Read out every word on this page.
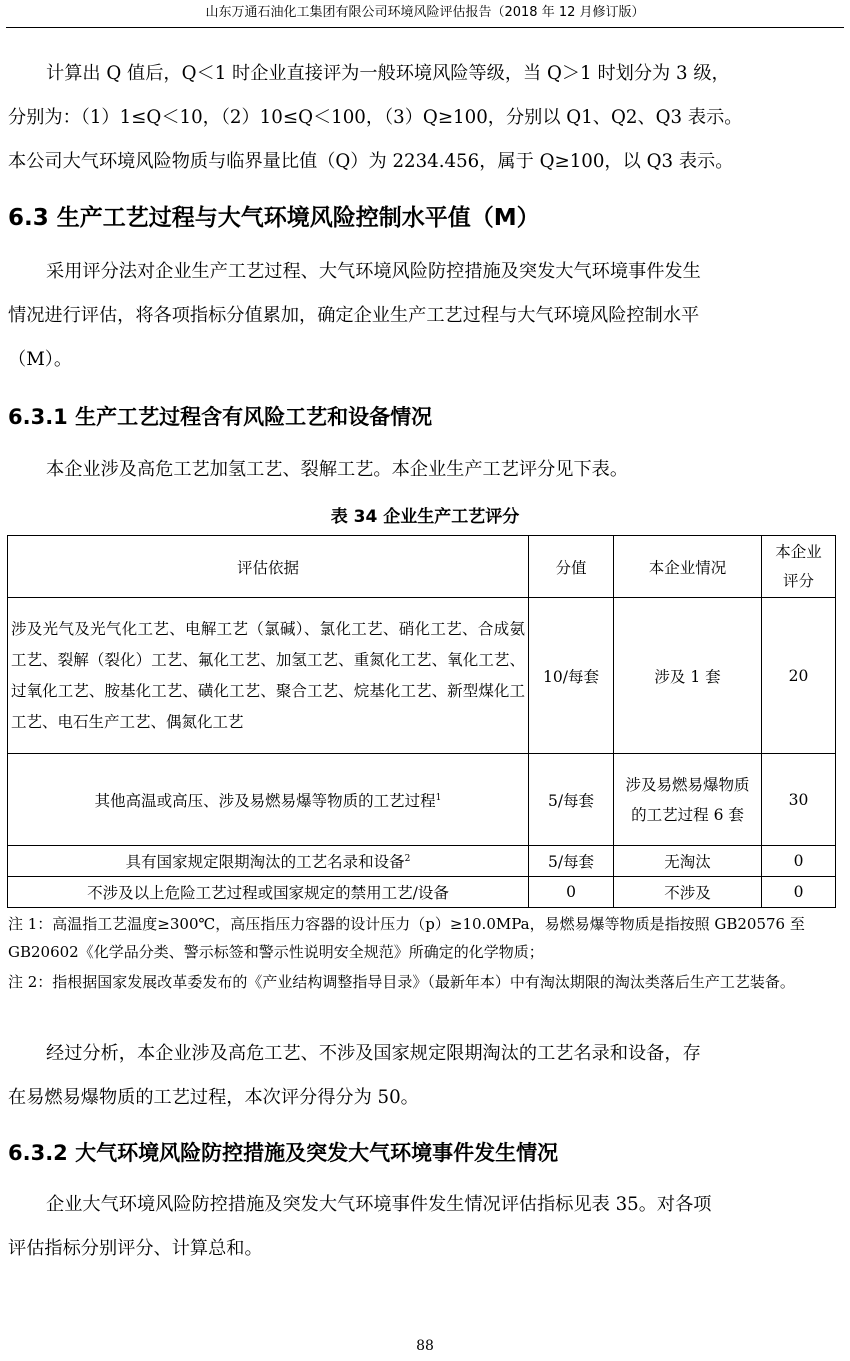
山东万通石油化工集团有限公司环境风险评估报告（2018 年 12 月修订版）
计算出 Q 值后，Q＜1 时企业直接评为一般环境风险等级，当 Q＞1 时划分为 3 级，
分别为：（1）1≤Q＜10，（2）10≤Q＜100，（3）Q≥100，分别以 Q1、Q2、Q3 表示。
本公司大气环境风险物质与临界量比值（Q）为 2234.456，属于 Q≥100，以 Q3 表示。
6.3 生产工艺过程与大气环境风险控制水平值（M）
采用评分法对企业生产工艺过程、大气环境风险防控措施及突发大气环境事件发生
情况进行评估，将各项指标分值累加，确定企业生产工艺过程与大气环境风险控制水平
（M）。
6.3.1 生产工艺过程含有风险工艺和设备情况
本企业涉及高危工艺加氢工艺、裂解工艺。本企业生产工艺评分见下表。
表 34 企业生产工艺评分
评估依据	分值	本企业情况	本企业评分
涉及光气及光气化工艺、电解工艺（氯碱）、氯化工艺、硝化工艺、合成氨工艺、裂解（裂化）工艺、氟化工艺、加氢工艺、重氮化工艺、氧化工艺、过氧化工艺、胺基化工艺、磺化工艺、聚合工艺、烷基化工艺、新型煤化工工艺、电石生产工艺、偶氮化工艺	10/每套	涉及 1 套	20
其他高温或高压、涉及易燃易爆等物质的工艺过程$^1$	5/每套	涉及易燃易爆物质的工艺过程 6 套	30
具有国家规定限期淘汰的工艺名录和设备$^2$	5/每套	无淘汰	0
不涉及以上危险工艺过程或国家规定的禁用工艺/设备	0	不涉及	0

注 1：高温指工艺温度≥300℃，高压指压力容器的设计压力（p）≥10.0MPa，易燃易爆等物质是指按照 GB20576 至 GB20602《化学品分类、警示标签和警示性说明安全规范》所确定的化学物质；

注 2：指根据国家发展改革委发布的《产业结构调整指导目录》（最新年本）中有淘汰期限的淘汰类落后生产工艺装备。

经过分析，本企业涉及高危工艺、不涉及国家规定限期淘汰的工艺名录和设备，存
在易燃易爆物质的工艺过程，本次评分得分为 50。
6.3.2 大气环境风险防控措施及突发大气环境事件发生情况
企业大气环境风险防控措施及突发大气环境事件发生情况评估指标见表 35。对各项
评估指标分别评分、计算总和。
88
